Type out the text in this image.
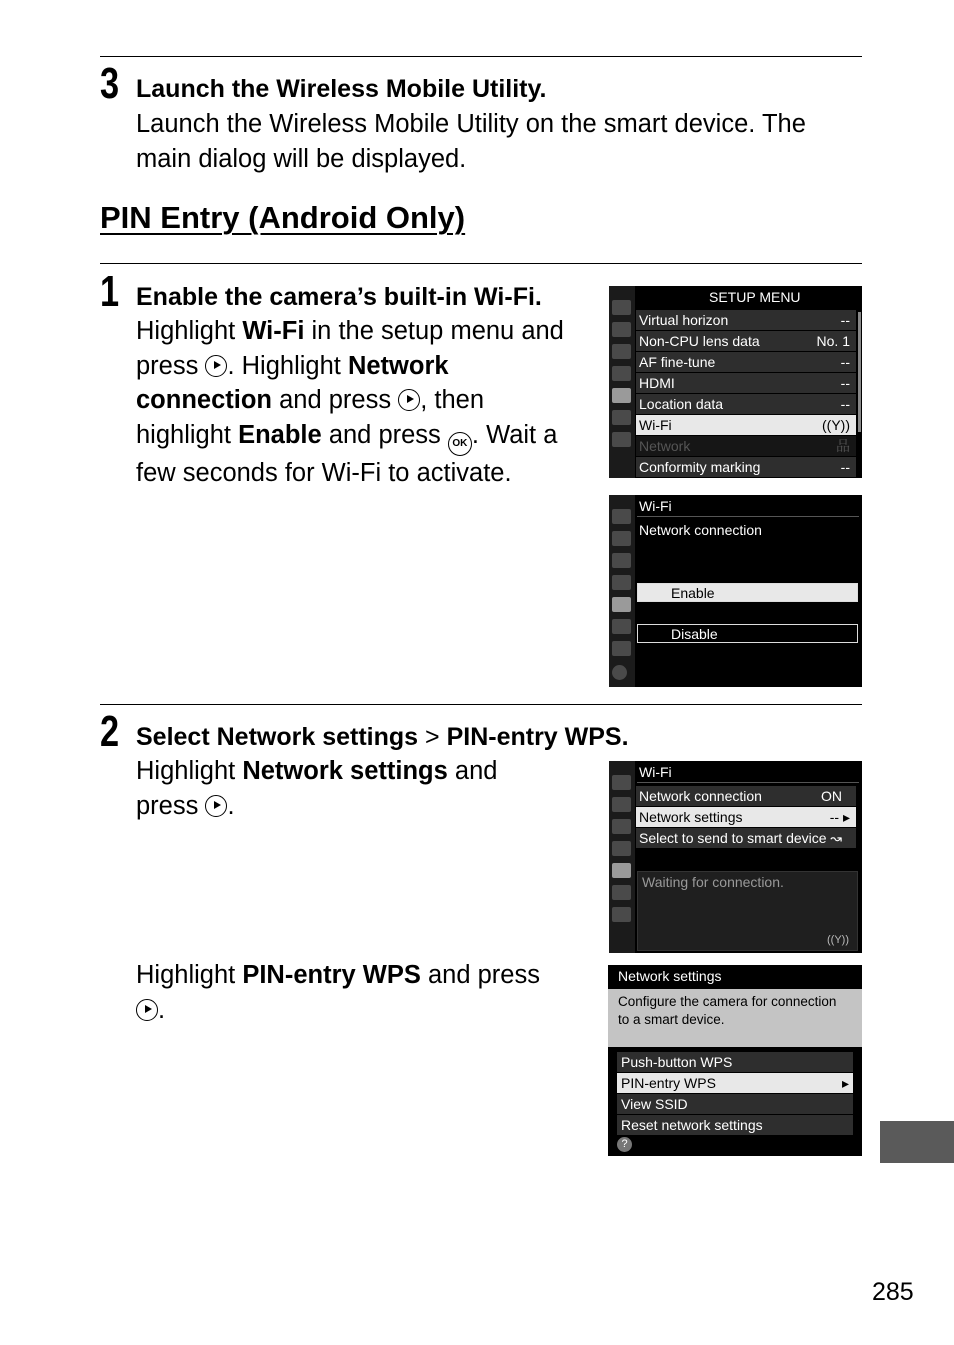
3 Launch the Wireless Mobile Utility.
Launch the Wireless Mobile Utility on the smart device. The
main dialog will be displayed.
PIN Entry (Android Only)
1 Enable the camera’s built-in Wi-Fi.
Highlight Wi-Fi in the setup menu and
press . Highlight Network
connection and press , then
highlight Enable and press OK . Wait a
few seconds for Wi-Fi to activate.
SETUP MENU
Virtual horizon	--
Non-CPU lens data	No. 1
AF fine-tune	--
HDMI	--
Location data	--
Wi-Fi	((Y))
Network	品
Conformity marking	--
Wi-Fi
Network connection
Enable
Disable
2 Select Network settings > PIN-entry WPS.
Highlight Network settings and
press .
Wi-Fi
Network connection	ON
Network settings	-- ▸
Select to send to smart device ↝
Waiting for connection.
((Y))
Highlight PIN-entry WPS and press
.
Network settings
Configure the camera for connection
to a smart device.
Push-button WPS
PIN-entry WPS	▸
View SSID
Reset network settings
?
285
